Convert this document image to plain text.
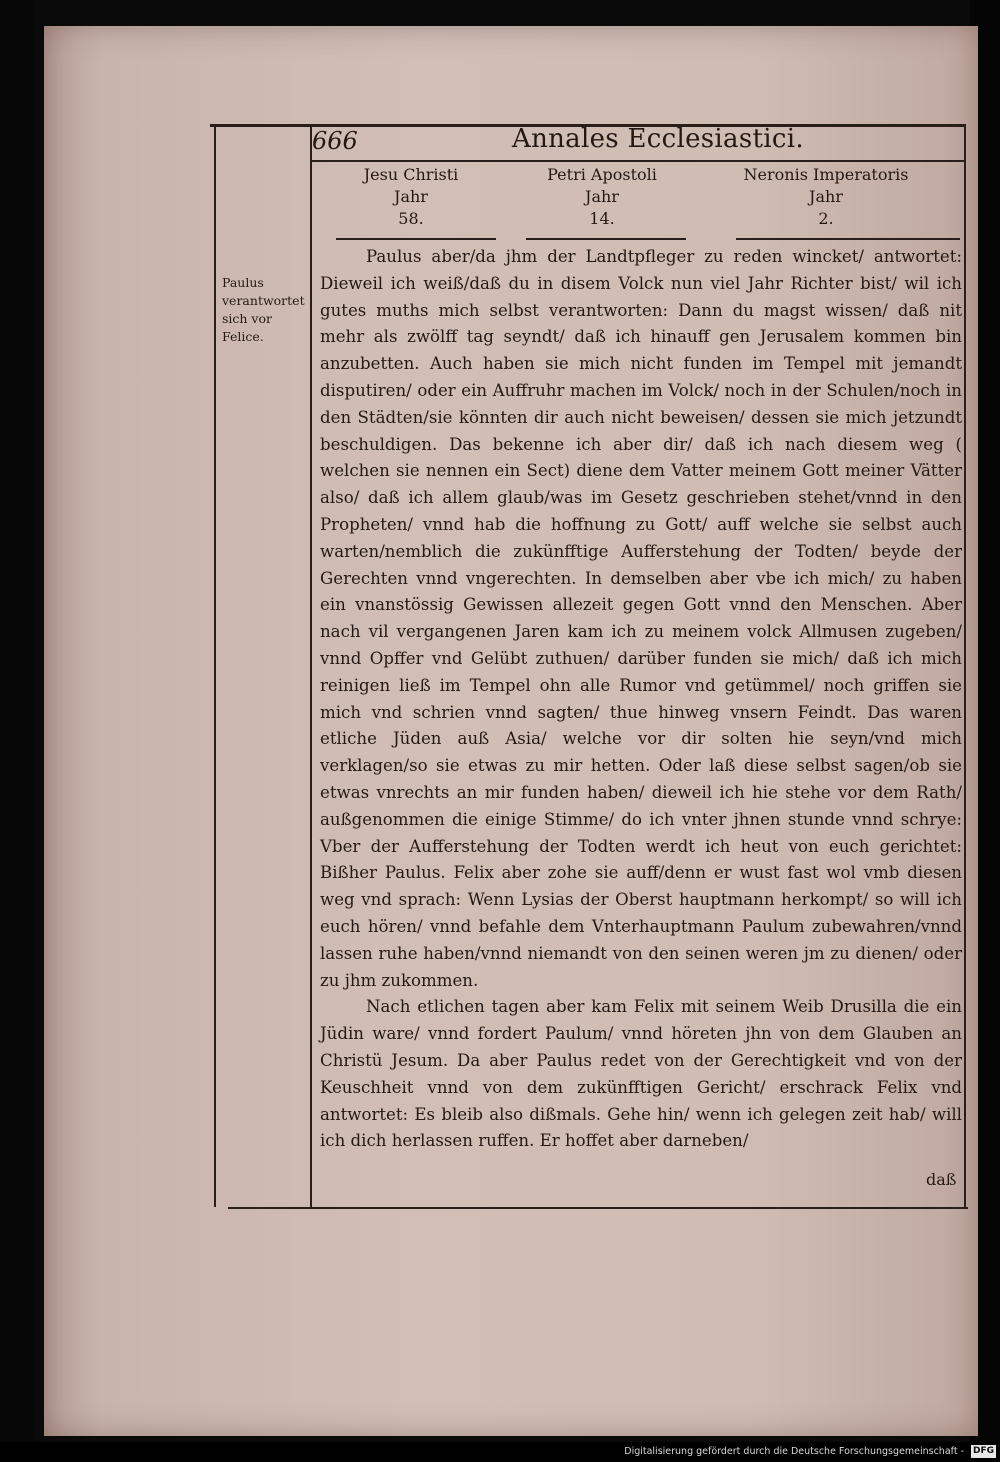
666	Annales Ecclesiastici.
Jesu Christi
Jahr
58.
Petri Apostoli
Jahr
14.
Neronis Imperatoris
Jahr
2.
Paulus verantwortet sich vor Felice.

Paulus aber/da jhm der Landtpfleger zu reden wincket/ antwortet: Dieweil ich weiß/daß du in disem Volck nun viel Jahr Richter bist/ wil ich gutes muths mich selbst verantworten: Dann du magst wissen/ daß nit mehr als zwölff tag seyndt/ daß ich hinauff gen Jerusalem kommen bin anzubetten. Auch haben sie mich nicht funden im Tempel mit jemandt disputiren/ oder ein Auffruhr machen im Volck/ noch in der Schulen/noch in den Städten/sie könnten dir auch nicht beweisen/ dessen sie mich jetzundt beschuldigen. Das bekenne ich aber dir/ daß ich nach diesem weg ( welchen sie nennen ein Sect) diene dem Vatter meinem Gott meiner Vätter also/ daß ich allem glaub/was im Gesetz geschrieben stehet/vnnd in den Propheten/ vnnd hab die hoffnung zu Gott/ auff welche sie selbst auch warten/nemblich die zukünfftige Aufferstehung der Todten/ beyde der Gerechten vnnd vngerechten. In demselben aber vbe ich mich/ zu haben ein vnanstössig Gewissen allezeit gegen Gott vnnd den Menschen. Aber nach vil vergangenen Jaren kam ich zu meinem volck Allmusen zugeben/ vnnd Opffer vnd Gelübt zuthuen/ darüber funden sie mich/ daß ich mich reinigen ließ im Tempel ohn alle Rumor vnd getümmel/ noch griffen sie mich vnd schrien vnnd sagten/ thue hinweg vnsern Feindt. Das waren etliche Jüden auß Asia/ welche vor dir solten hie seyn/vnd mich verklagen/so sie etwas zu mir hetten. Oder laß diese selbst sagen/ob sie etwas vnrechts an mir funden haben/ dieweil ich hie stehe vor dem Rath/ außgenommen die einige Stimme/ do ich vnter jhnen stunde vnnd schrye: Vber der Aufferstehung der Todten werdt ich heut von euch gerichtet: Bißher Paulus. Felix aber zohe sie auff/denn er wust fast wol vmb diesen weg vnd sprach: Wenn Lysias der Oberst hauptmann herkompt/ so will ich euch hören/ vnnd befahle dem Vnterhauptmann Paulum zubewahren/vnnd lassen ruhe haben/vnnd niemandt von den seinen weren jm zu dienen/ oder zu jhm zukommen.

Nach etlichen tagen aber kam Felix mit seinem Weib Drusilla die ein Jüdin ware/ vnnd fordert Paulum/ vnnd höreten jhn von dem Glauben an Christü Jesum. Da aber Paulus redet von der Gerechtigkeit vnd von der Keuschheit vnnd von dem zukünfftigen Gericht/ erschrack Felix vnd antwortet: Es bleib also dißmals. Gehe hin/ wenn ich gelegen zeit hab/ will ich dich herlassen ruffen. Er hoffet aber darneben/

daß
Digitalisierung gefördert durch die Deutsche Forschungsgemeinschaft - DFG
